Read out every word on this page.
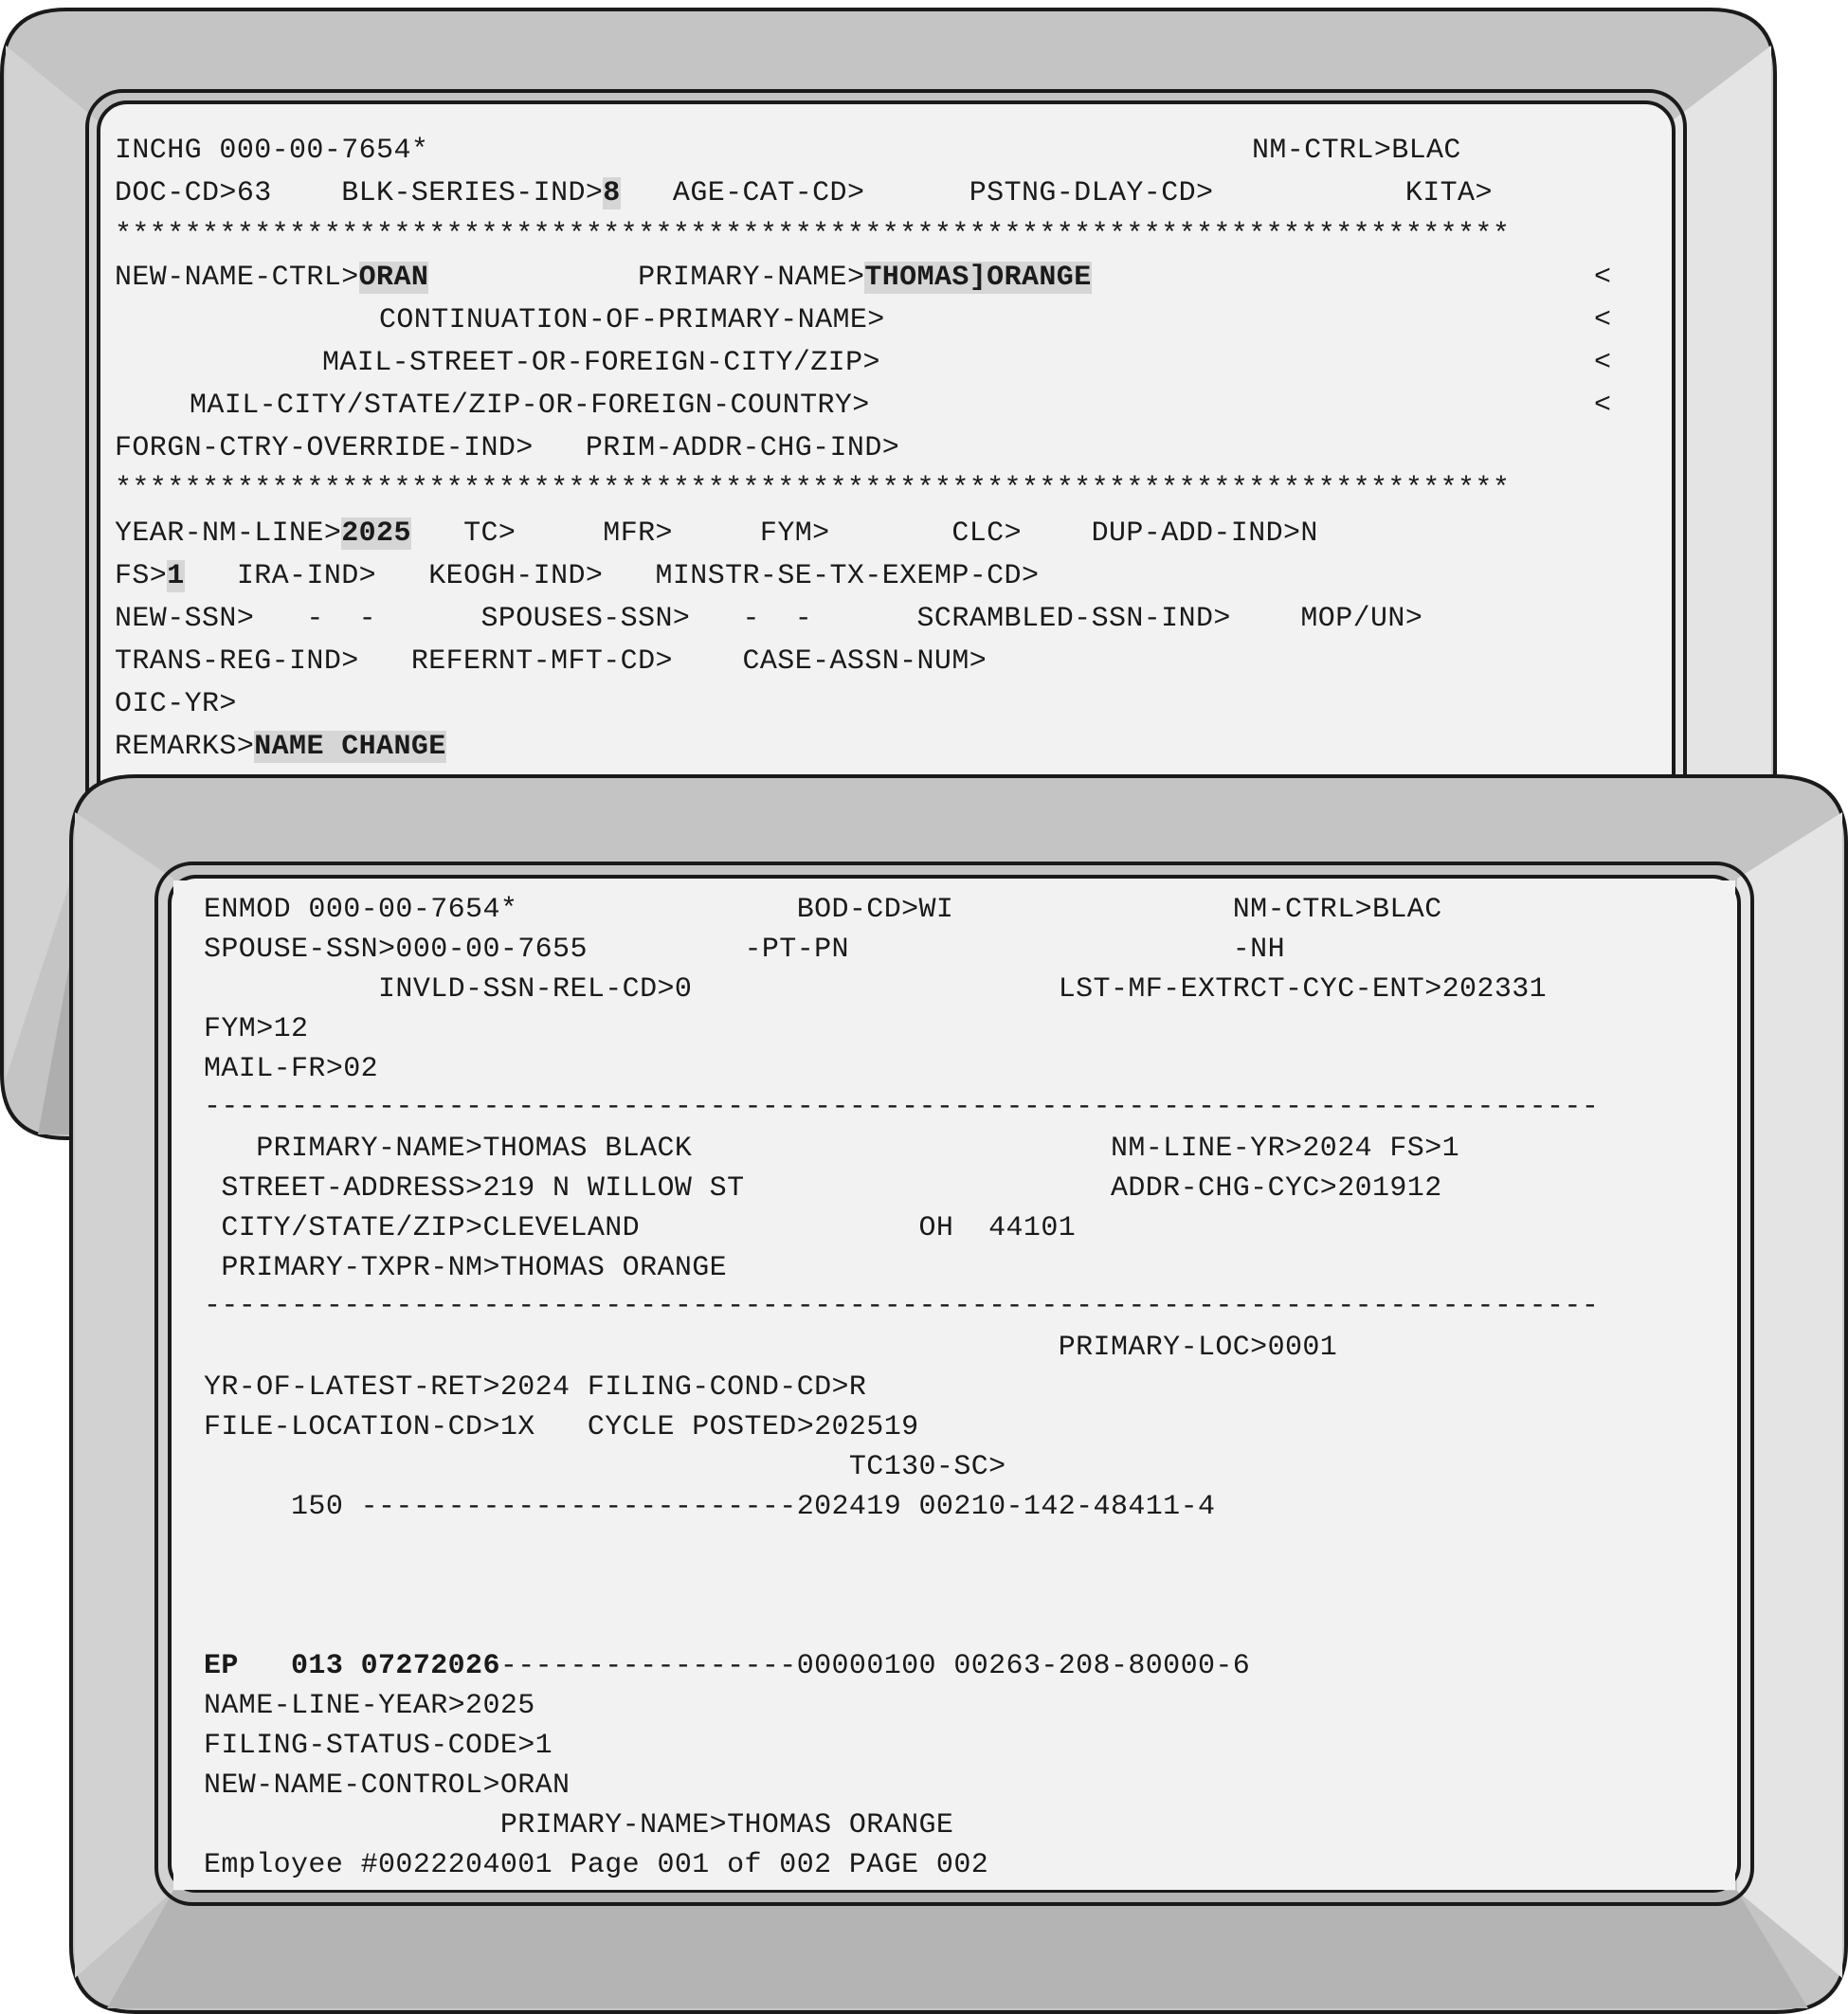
INCHG 000-00-7654*	NM-CTRL>BLAC
DOC-CD>63    BLK-SERIES-IND>8   AGE-CAT-CD>      PSTNG-DLAY-CD>           KITA>
********************************************************************************
NEW-NAME-CTRL>ORAN            PRIMARY-NAME>THOMAS]ORANGE	<
CONTINUATION-OF-PRIMARY-NAME>	<
MAIL-STREET-OR-FOREIGN-CITY/ZIP>	<
MAIL-CITY/STATE/ZIP-OR-FOREIGN-COUNTRY>	<
FORGN-CTRY-OVERRIDE-IND>   PRIM-ADDR-CHG-IND>
********************************************************************************
YEAR-NM-LINE>2025   TC>     MFR>     FYM>       CLC>    DUP-ADD-IND>N
FS>1   IRA-IND>   KEOGH-IND>   MINSTR-SE-TX-EXEMP-CD>
NEW-SSN>   -  -      SPOUSES-SSN>   -  -      SCRAMBLED-SSN-IND>    MOP/UN>
TRANS-REG-IND>   REFERNT-MFT-CD>    CASE-ASSN-NUM>
OIC-YR>
REMARKS>NAME CHANGE
ENMOD 000-00-7654*                BOD-CD>WI                NM-CTRL>BLAC
SPOUSE-SSN>000-00-7655         -PT-PN                      -NH
INVLD-SSN-REL-CD>0                     LST-MF-EXTRCT-CYC-ENT>202331
FYM>12
MAIL-FR>02
--------------------------------------------------------------------------------
PRIMARY-NAME>THOMAS BLACK                        NM-LINE-YR>2024 FS>1
STREET-ADDRESS>219 N WILLOW ST                     ADDR-CHG-CYC>201912
CITY/STATE/ZIP>CLEVELAND                OH  44101
PRIMARY-TXPR-NM>THOMAS ORANGE
--------------------------------------------------------------------------------
PRIMARY-LOC>0001
YR-OF-LATEST-RET>2024 FILING-COND-CD>R
FILE-LOCATION-CD>1X   CYCLE POSTED>202519
TC130-SC>
150 -------------------------202419 00210-142-48411-4
EP   013 07272026-----------------00000100 00263-208-80000-6
NAME-LINE-YEAR>2025
FILING-STATUS-CODE>1
NEW-NAME-CONTROL>ORAN
PRIMARY-NAME>THOMAS ORANGE
Employee #0022204001 Page 001 of 002 PAGE 002
